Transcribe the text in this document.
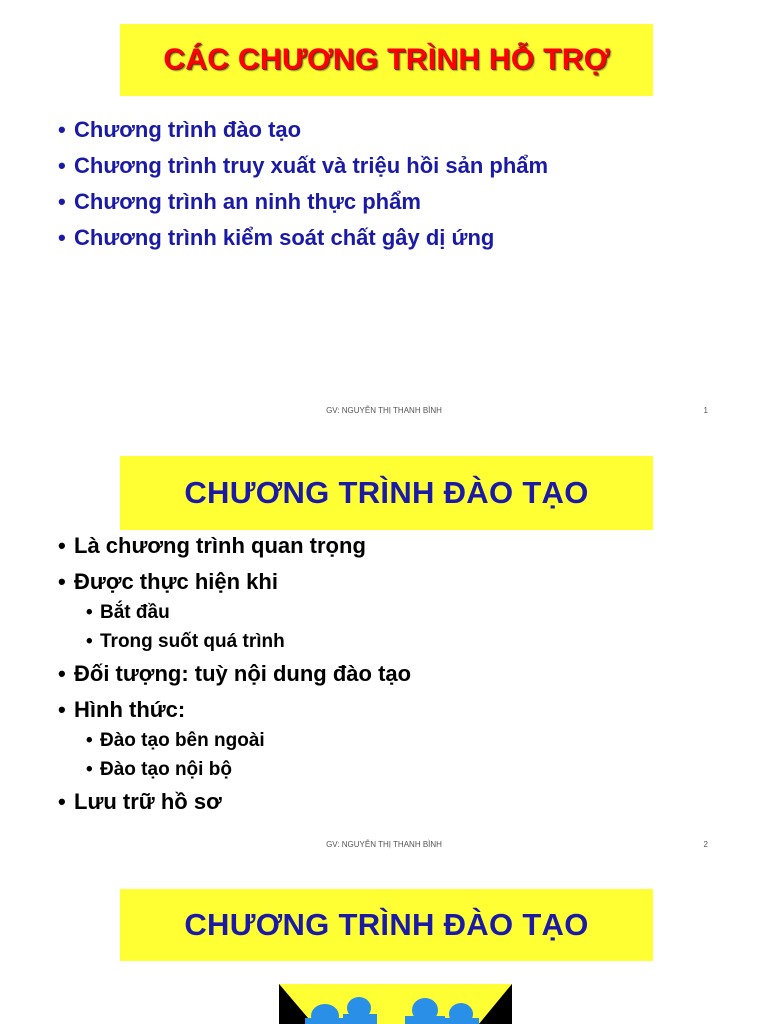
CÁC CHƯƠNG TRÌNH HỖ TRỢ
• Chương trình đào tạo
• Chương trình truy xuất và triệu hồi sản phẩm
• Chương trình an ninh thực phẩm
• Chương trình kiểm soát chất gây dị ứng
GV: NGUYỄN THỊ THANH BÌNH	1
CHƯƠNG TRÌNH ĐÀO TẠO
• Là chương trình quan trọng
• Được thực hiện khi
• Bắt đầu
• Trong suốt quá trình
• Đối tượng: tuỳ nội dung đào tạo
• Hình thức:
• Đào tạo bên ngoài
• Đào tạo nội bộ
• Lưu trữ hồ sơ
GV: NGUYỄN THỊ THANH BÌNH	2
CHƯƠNG TRÌNH ĐÀO TẠO
